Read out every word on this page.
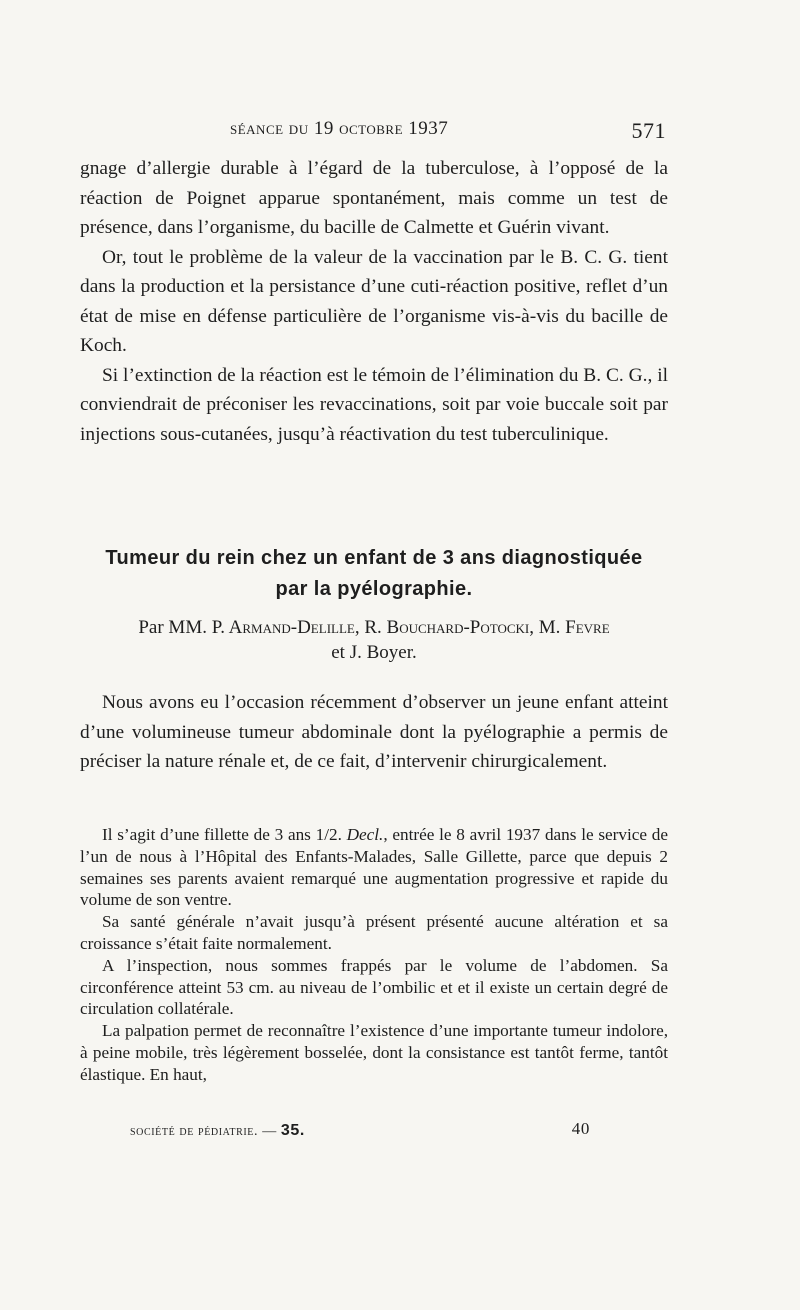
séance du 19 octobre 1937	571

gnage d’allergie durable à l’égard de la tuberculose, à l’opposé de la réaction de Poignet apparue spontanément, mais comme un test de présence, dans l’organisme, du bacille de Calmette et Guérin vivant.

Or, tout le problème de la valeur de la vaccination par le B. C. G. tient dans la production et la persistance d’une cuti-réaction positive, reflet d’un état de mise en défense particulière de l’organisme vis-à-vis du bacille de Koch.

Si l’extinction de la réaction est le témoin de l’élimination du B. C. G., il conviendrait de préconiser les revaccinations, soit par voie buccale soit par injections sous-cutanées, jusqu’à réactivation du test tuberculinique.

Tumeur du rein chez un enfant de 3 ans diagnostiquée
par la pyélographie.
Par MM. P. Armand-Delille, R. Bouchard-Potocki, M. Fevre
et J. Boyer.

Nous avons eu l’occasion récemment d’observer un jeune enfant atteint d’une volumineuse tumeur abdominale dont la pyélographie a permis de préciser la nature rénale et, de ce fait, d’intervenir chirurgicalement.

Il s’agit d’une fillette de 3 ans 1/2. Decl., entrée le 8 avril 1937 dans le service de l’un de nous à l’Hôpital des Enfants-Malades, Salle Gillette, parce que depuis 2 semaines ses parents avaient remarqué une augmentation progressive et rapide du volume de son ventre.

Sa santé générale n’avait jusqu’à présent présenté aucune altération et sa croissance s’était faite normalement.

A l’inspection, nous sommes frappés par le volume de l’abdomen. Sa circonférence atteint 53 cm. au niveau de l’ombilic et et il existe un certain degré de circulation collatérale.

La palpation permet de reconnaître l’existence d’une importante tumeur indolore, à peine mobile, très légèrement bosselée, dont la consistance est tantôt ferme, tantôt élastique. En haut,

société de pédiatrie. — 35.	40
